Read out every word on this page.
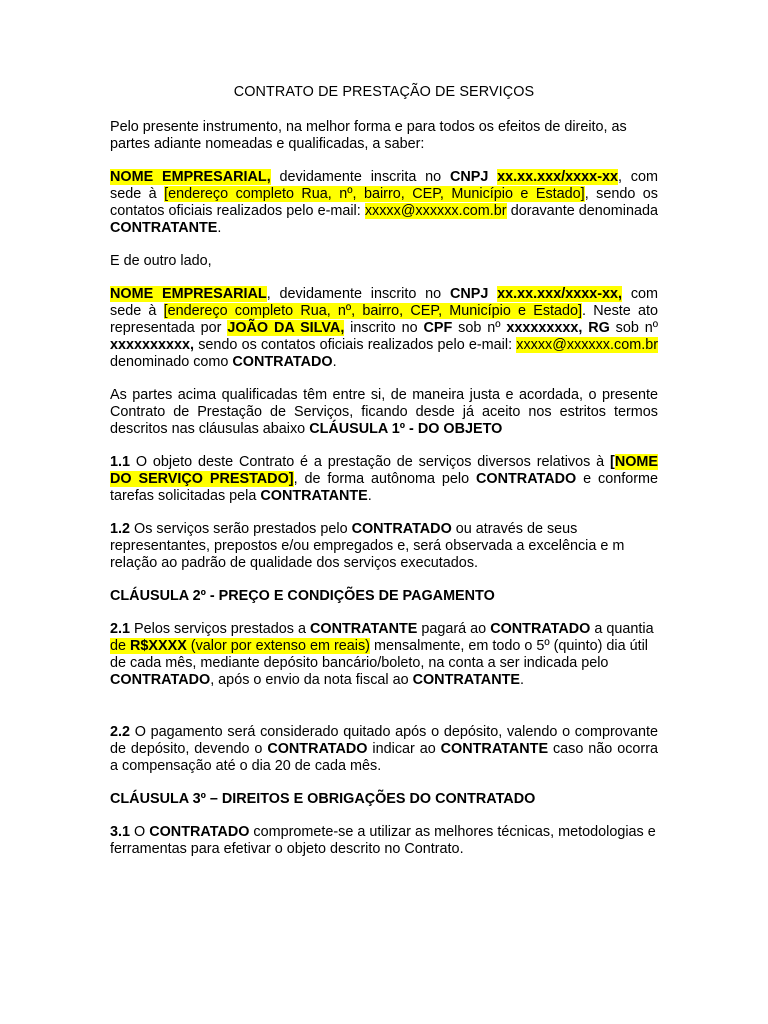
CONTRATO DE PRESTAÇÃO DE SERVIÇOS

Pelo presente instrumento, na melhor forma e para todos os efeitos de direito, as partes adiante nomeadas e qualificadas, a saber:

NOME EMPRESARIAL, devidamente inscrita no CNPJ xx.xx.xxx/xxxx-xx, com sede à [endereço completo Rua, nº, bairro, CEP, Município e Estado], sendo os contatos oficiais realizados pelo e-mail: xxxxx@xxxxxx.com.br doravante denominada CONTRATANTE.

E de outro lado,

NOME EMPRESARIAL, devidamente inscrito no CNPJ xx.xx.xxx/xxxx-xx, com sede à [endereço completo Rua, nº, bairro, CEP, Município e Estado]. Neste ato representada por JOÃO DA SILVA, inscrito no CPF sob nº xxxxxxxxx, RG sob nº xxxxxxxxxx, sendo os contatos oficiais realizados pelo e-mail: xxxxx@xxxxxx.com.br denominado como CONTRATADO.

As partes acima qualificadas têm entre si, de maneira justa e acordada, o presente Contrato de Prestação de Serviços, ficando desde já aceito nos estritos termos descritos nas cláusulas abaixo CLÁUSULA 1º - DO OBJETO

1.1 O objeto deste Contrato é a prestação de serviços diversos relativos à [NOME DO SERVIÇO PRESTADO], de forma autônoma pelo CONTRATADO e conforme tarefas solicitadas pela CONTRATANTE.

1.2 Os serviços serão prestados pelo CONTRATADO ou através de seus representantes, prepostos e/ou empregados e, será observada a excelência e m relação ao padrão de qualidade dos serviços executados.

CLÁUSULA 2º - PREÇO E CONDIÇÕES DE PAGAMENTO

2.1 Pelos serviços prestados a CONTRATANTE pagará ao CONTRATADO a quantia de R$XXXX (valor por extenso em reais) mensalmente, em todo o 5º (quinto) dia útil de cada mês, mediante depósito bancário/boleto, na conta a ser indicada pelo CONTRATADO, após o envio da nota fiscal ao CONTRATANTE.

2.2 O pagamento será considerado quitado após o depósito, valendo o comprovante de depósito, devendo o CONTRATADO indicar ao CONTRATANTE caso não ocorra a compensação até o dia 20 de cada mês.

CLÁUSULA 3º – DIREITOS E OBRIGAÇÕES DO CONTRATADO

3.1 O CONTRATADO compromete-se a utilizar as melhores técnicas, metodologias e ferramentas para efetivar o objeto descrito no Contrato.
